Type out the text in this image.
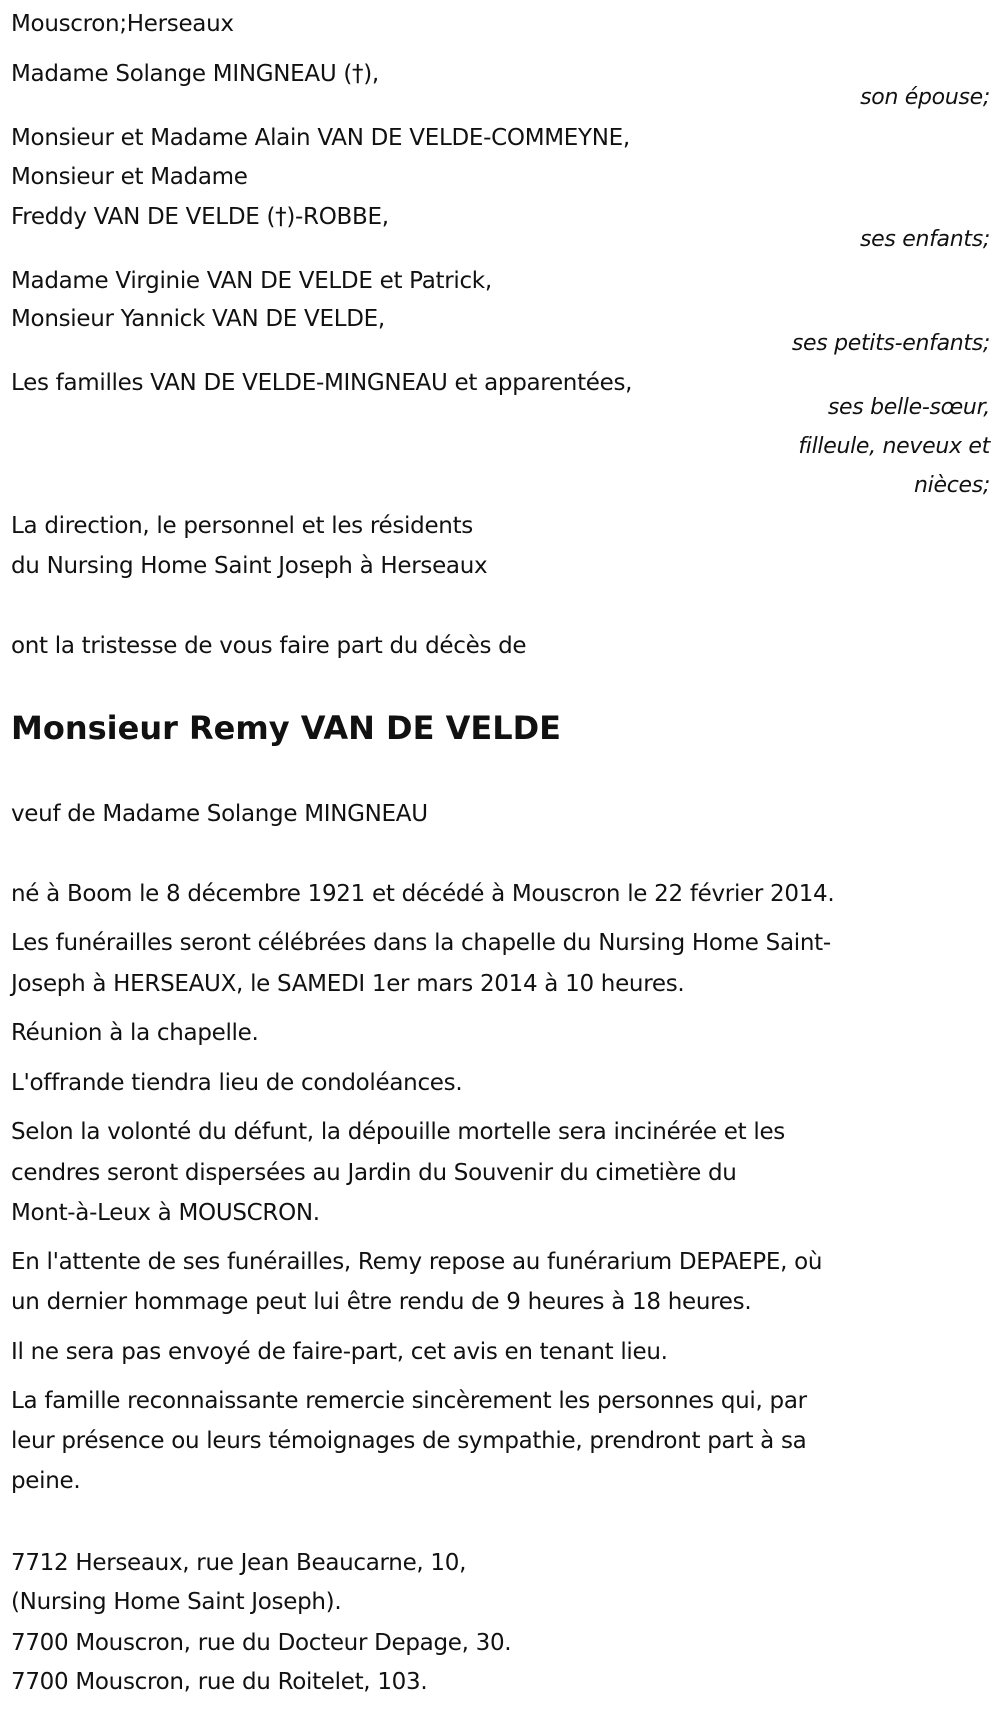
Mouscron;Herseaux
Madame Solange MINGNEAU (†),
son épouse;
Monsieur et Madame Alain VAN DE VELDE-COMMEYNE,
Monsieur et Madame
Freddy VAN DE VELDE (†)-ROBBE,
ses enfants;
Madame Virginie VAN DE VELDE et Patrick,
Monsieur Yannick VAN DE VELDE,
ses petits-enfants;
Les familles VAN DE VELDE-MINGNEAU et apparentées,
ses belle-sœur,
filleule, neveux et
nièces;
La direction, le personnel et les résidents
du Nursing Home Saint Joseph à Herseaux
ont la tristesse de vous faire part du décès de
Monsieur Remy VAN DE VELDE
veuf de Madame Solange MINGNEAU
né à Boom le 8 décembre 1921 et décédé à Mouscron le 22 février 2014.
Les funérailles seront célébrées dans la chapelle du Nursing Home Saint-
Joseph à HERSEAUX, le SAMEDI 1er mars 2014 à 10 heures.
Réunion à la chapelle.
L'offrande tiendra lieu de condoléances.
Selon la volonté du défunt, la dépouille mortelle sera incinérée et les
cendres seront dispersées au Jardin du Souvenir du cimetière du
Mont-à-Leux à MOUSCRON.
En l'attente de ses funérailles, Remy repose au funérarium DEPAEPE, où
un dernier hommage peut lui être rendu de 9 heures à 18 heures.
Il ne sera pas envoyé de faire-part, cet avis en tenant lieu.
La famille reconnaissante remercie sincèrement les personnes qui, par
leur présence ou leurs témoignages de sympathie, prendront part à sa
peine.
7712 Herseaux, rue Jean Beaucarne, 10,
(Nursing Home Saint Joseph).
7700 Mouscron, rue du Docteur Depage, 30.
7700 Mouscron, rue du Roitelet, 103.
